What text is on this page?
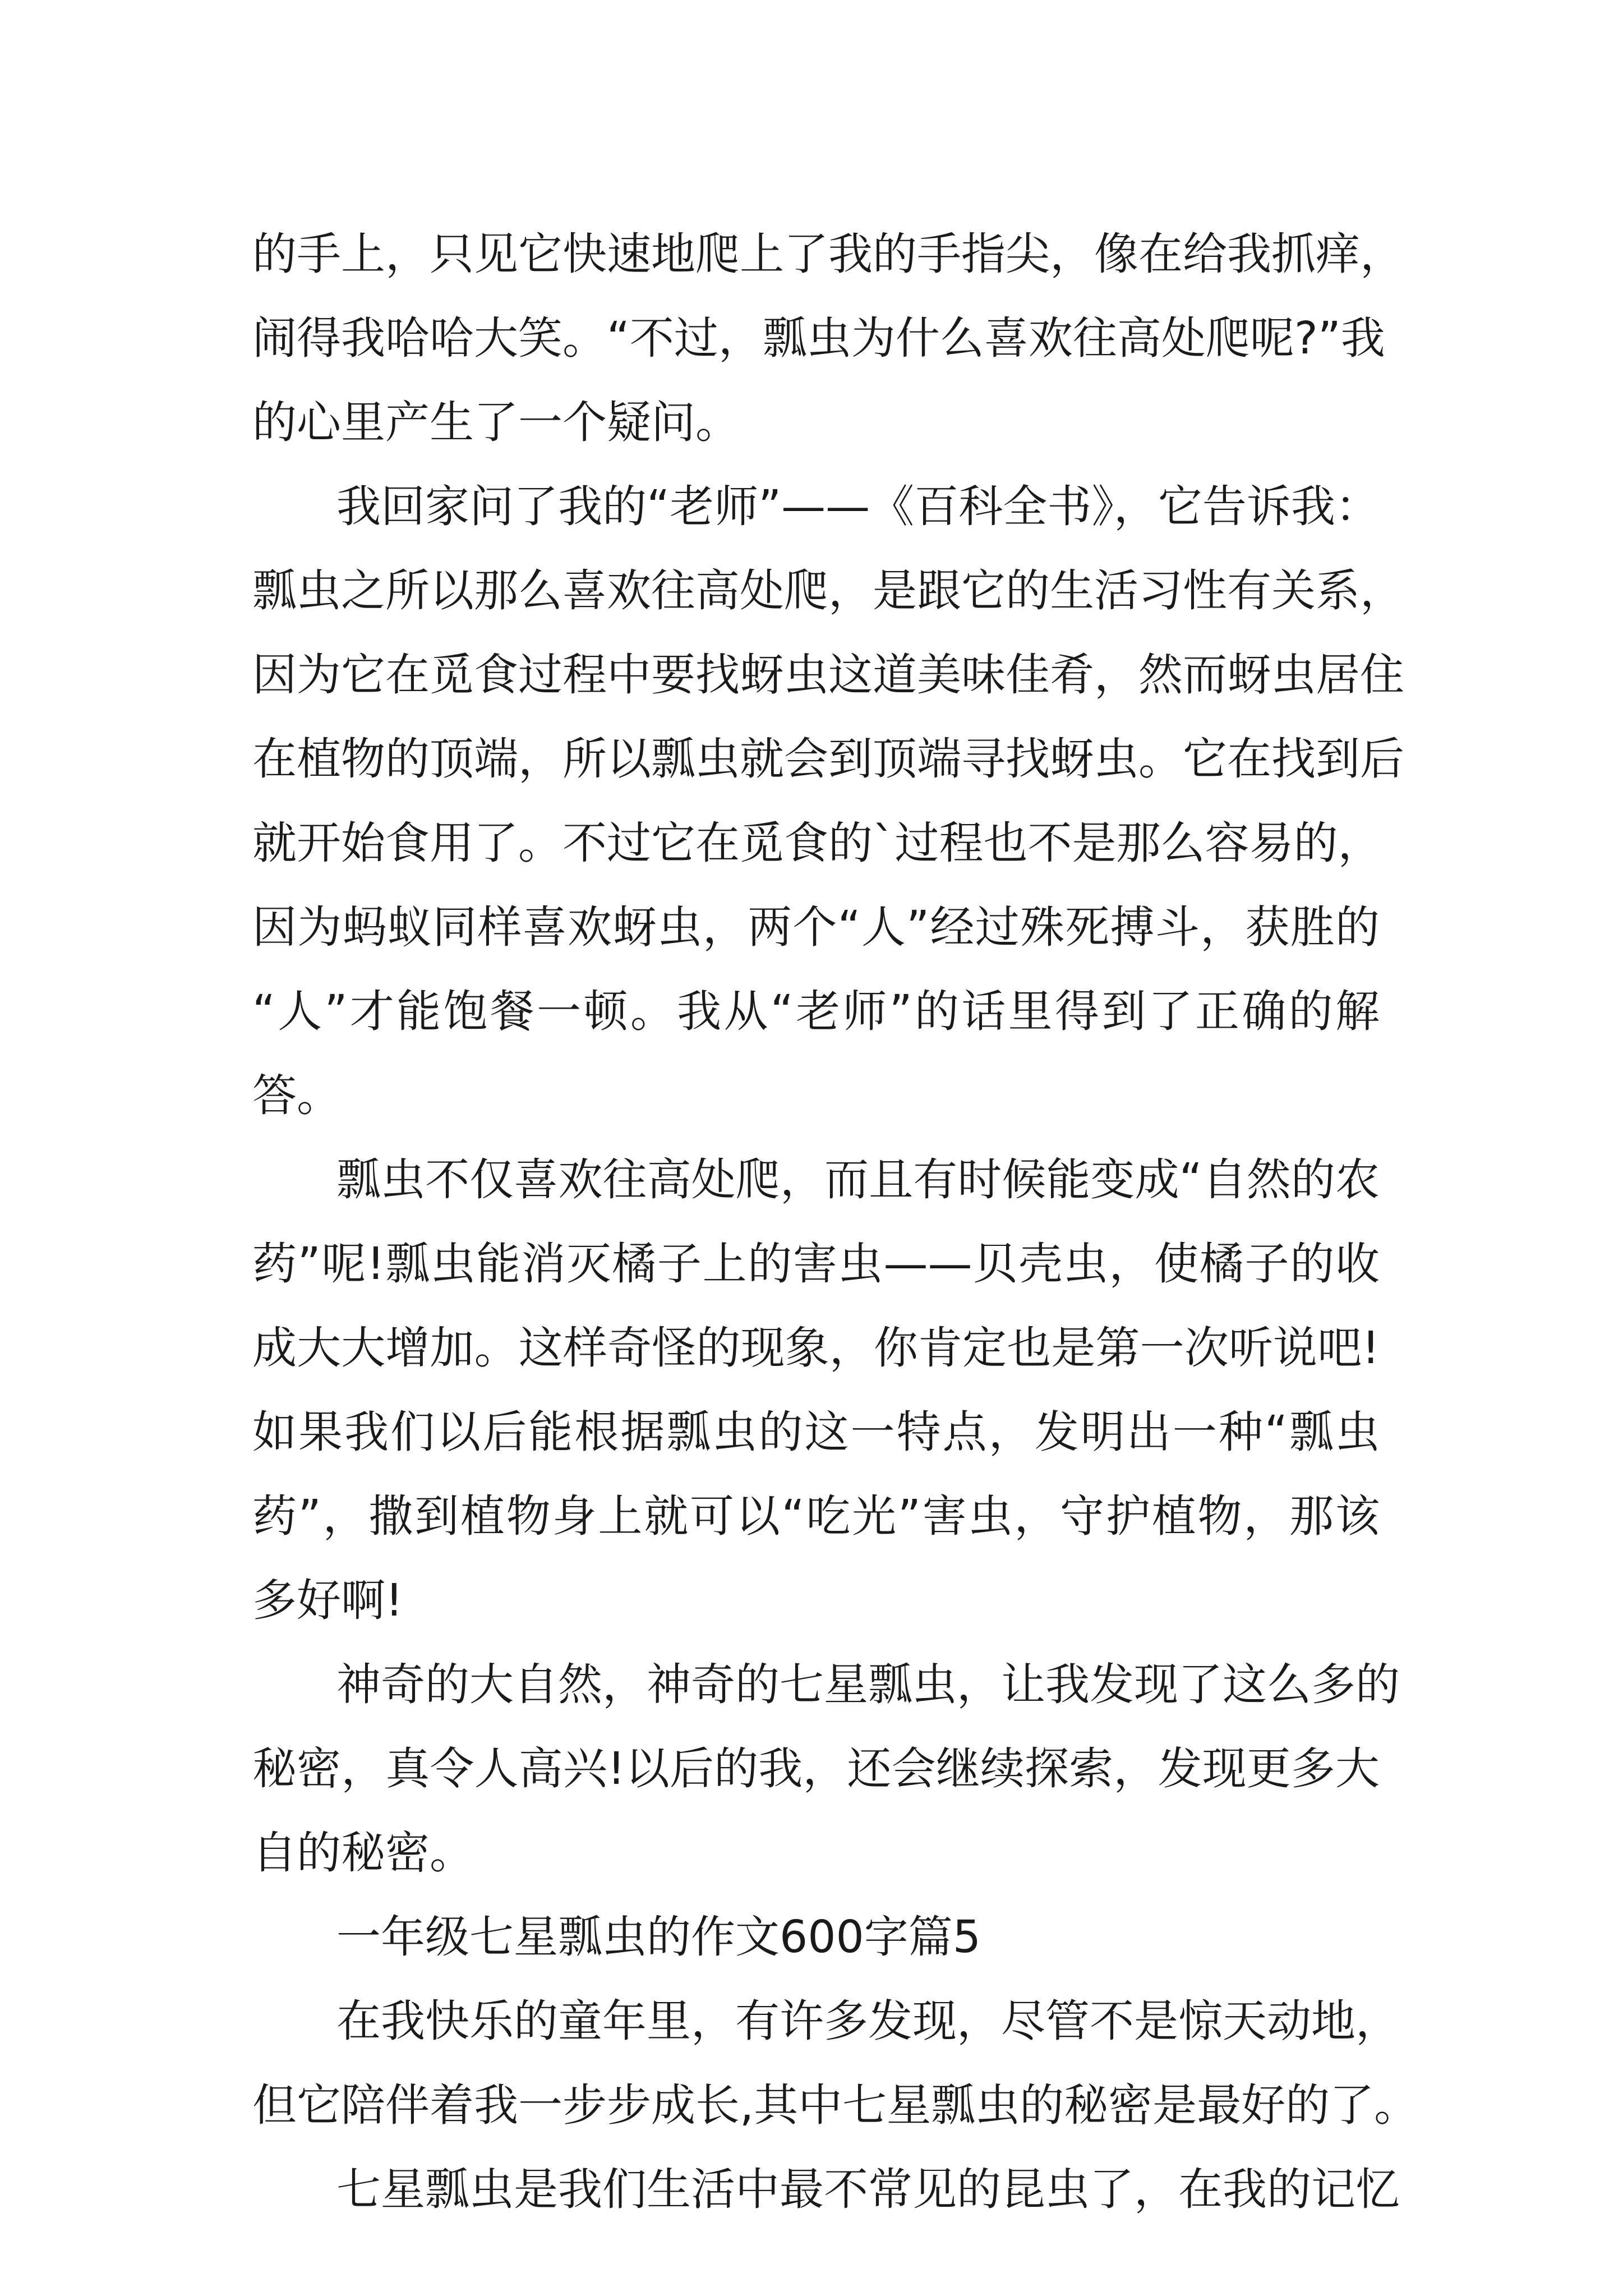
的手上，只见它快速地爬上了我的手指尖，像在给我抓痒，
闹得我哈哈大笑。“不过，瓢虫为什么喜欢往高处爬呢?”我
的心里产生了一个疑问。
我回家问了我的“老师”——《百科全书》，它告诉我：
瓢虫之所以那么喜欢往高处爬，是跟它的生活习性有关系，
因为它在觅食过程中要找蚜虫这道美味佳肴，然而蚜虫居住
在植物的顶端，所以瓢虫就会到顶端寻找蚜虫。它在找到后
就开始食用了。不过它在觅食的`过程也不是那么容易的，
因为蚂蚁同样喜欢蚜虫，两个“人”经过殊死搏斗，获胜的
“人”才能饱餐一顿。我从“老师”的话里得到了正确的解
答。
瓢虫不仅喜欢往高处爬，而且有时候能变成“自然的农
药”呢!瓢虫能消灭橘子上的害虫——贝壳虫，使橘子的收
成大大增加。这样奇怪的现象，你肯定也是第一次听说吧!
如果我们以后能根据瓢虫的这一特点，发明出一种“瓢虫
药”，撒到植物身上就可以“吃光”害虫，守护植物，那该
多好啊!
神奇的大自然，神奇的七星瓢虫，让我发现了这么多的
秘密，真令人高兴!以后的我，还会继续探索，发现更多大
自的秘密。
一年级七星瓢虫的作文600字篇5
在我快乐的童年里，有许多发现，尽管不是惊天动地，
但它陪伴着我一步步成长,其中七星瓢虫的秘密是最好的了。
七星瓢虫是我们生活中最不常见的昆虫了，在我的记忆
